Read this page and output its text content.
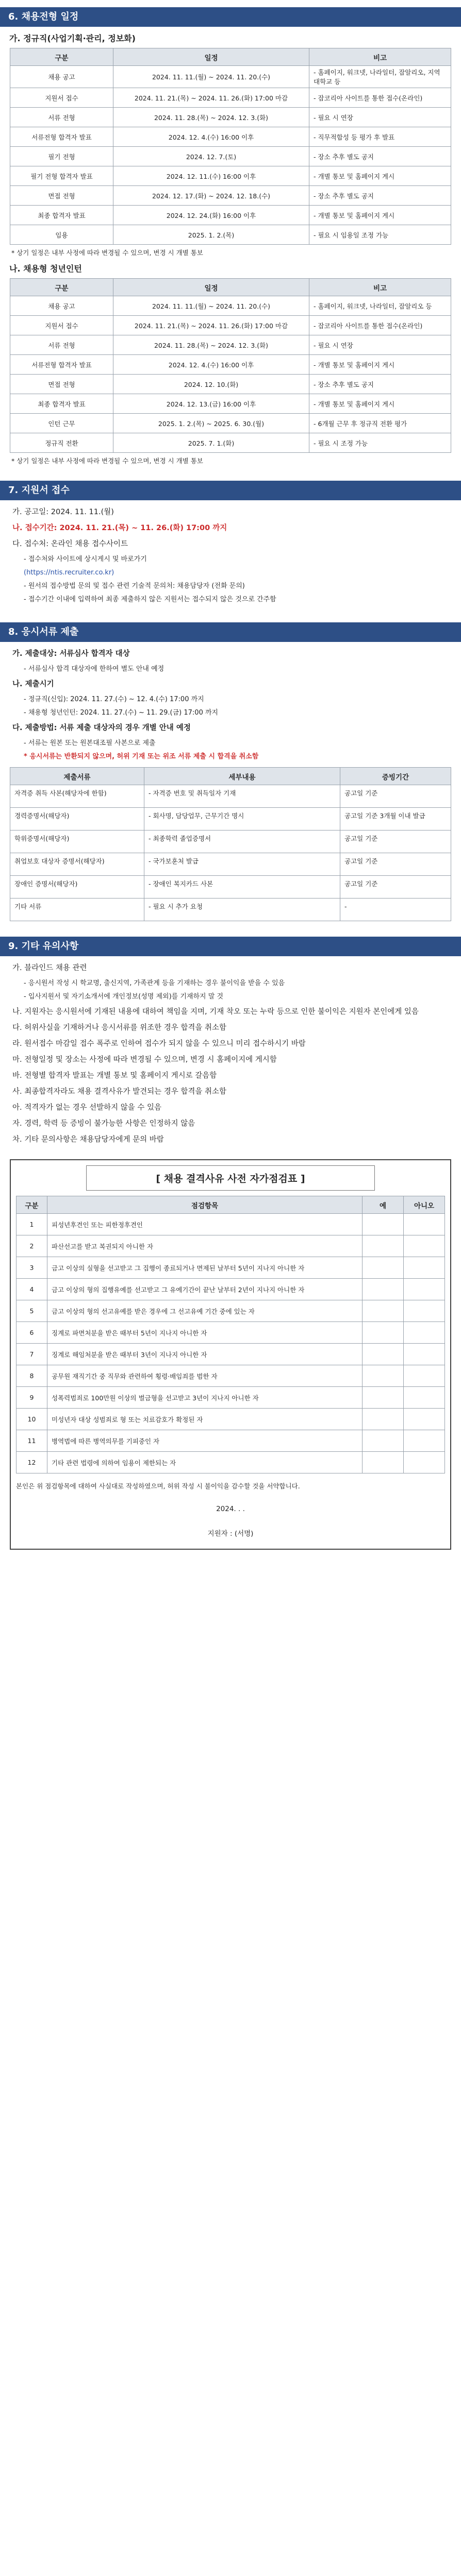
6. 채용전형 일정
가. 정규직(사업기획·관리, 정보화)
구분	일정	비고
채용 공고	2024. 11. 11.(월) ~ 2024. 11. 20.(수)	- 홈페이지, 워크넷, 나라일터, 잡알리오, 지역 대학교 등
지원서 접수	2024. 11. 21.(목) ~ 2024. 11. 26.(화) 17:00 마감	- 잡코리아 사이트를 통한 접수(온라인)
서류 전형	2024. 11. 28.(목) ~ 2024. 12. 3.(화)	- 필요 시 연장
서류전형 합격자 발표	2024. 12. 4.(수) 16:00 이후	- 직무적합성 등 평가 후 발표
필기 전형	2024. 12. 7.(토)	- 장소 추후 별도 공지
필기 전형 합격자 발표	2024. 12. 11.(수) 16:00 이후	- 개별 통보 및 홈페이지 게시
면접 전형	2024. 12. 17.(화) ~ 2024. 12. 18.(수)	- 장소 추후 별도 공지
최종 합격자 발표	2024. 12. 24.(화) 16:00 이후	- 개별 통보 및 홈페이지 게시
임용	2025. 1. 2.(목)	- 필요 시 임용일 조정 가능
* 상기 일정은 내부 사정에 따라 변경될 수 있으며, 변경 시 개별 통보
나. 채용형 청년인턴
구분	일정	비고
채용 공고	2024. 11. 11.(월) ~ 2024. 11. 20.(수)	- 홈페이지, 워크넷, 나라일터, 잡알리오 등
지원서 접수	2024. 11. 21.(목) ~ 2024. 11. 26.(화) 17:00 마감	- 잡코리아 사이트를 통한 접수(온라인)
서류 전형	2024. 11. 28.(목) ~ 2024. 12. 3.(화)	- 필요 시 연장
서류전형 합격자 발표	2024. 12. 4.(수) 16:00 이후	- 개별 통보 및 홈페이지 게시
면접 전형	2024. 12. 10.(화)	- 장소 추후 별도 공지
최종 합격자 발표	2024. 12. 13.(금) 16:00 이후	- 개별 통보 및 홈페이지 게시
인턴 근무	2025. 1. 2.(목) ~ 2025. 6. 30.(월)	- 6개월 근무 후 정규직 전환 평가
정규직 전환	2025. 7. 1.(화)	- 필요 시 조정 가능
* 상기 일정은 내부 사정에 따라 변경될 수 있으며, 변경 시 개별 통보
7. 지원서 접수
가. 공고일: 2024. 11. 11.(월)
나. 접수기간: 2024. 11. 21.(목) ~ 11. 26.(화) 17:00 까지
다. 접수처: 온라인 채용 접수사이트
- 접수처와 사이트에 상시게시 및 바로가기
(https://ntis.recruiter.co.kr)
- 원서의 접수방법 문의 및 접수 관련 기술적 문의처: 채용담당자 (전화 문의)
- 접수기간 이내에 입력하여 최종 제출하지 않은 지원서는 접수되지 않은 것으로 간주함
8. 응시서류 제출
가. 제출대상: 서류심사 합격자 대상
- 서류심사 합격 대상자에 한하여 별도 안내 예정
나. 제출시기
- 정규직(신입): 2024. 11. 27.(수) ~ 12. 4.(수) 17:00 까지
- 채용형 청년인턴: 2024. 11. 27.(수) ~ 11. 29.(금) 17:00 까지
다. 제출방법: 서류 제출 대상자의 경우 개별 안내 예정
- 서류는 원본 또는 원본대조필 사본으로 제출
* 응시서류는 반환되지 않으며, 허위 기재 또는 위조 서류 제출 시 합격을 취소함
제출서류	세부내용	증빙기간
자격증 취득 사본(해당자에 한함)	- 자격증 번호 및 취득일자 기재	공고일 기준
경력증명서(해당자)	- 회사명, 담당업무, 근무기간 명시	공고일 기준 3개월 이내 발급
학위증명서(해당자)	- 최종학력 졸업증명서	공고일 기준
취업보호 대상자 증명서(해당자)	- 국가보훈처 발급	공고일 기준
장애인 증명서(해당자)	- 장애인 복지카드 사본	공고일 기준
기타 서류	- 필요 시 추가 요청	-
9. 기타 유의사항
가. 블라인드 채용 관련
- 응시원서 작성 시 학교명, 출신지역, 가족관계 등을 기재하는 경우 불이익을 받을 수 있음
- 입사지원서 및 자기소개서에 개인정보(성명 제외)를 기재하지 말 것
나. 지원자는 응시원서에 기재된 내용에 대하여 책임을 지며, 기재 착오 또는 누락 등으로 인한 불이익은 지원자 본인에게 있음
다. 허위사실을 기재하거나 응시서류를 위조한 경우 합격을 취소함
라. 원서접수 마감일 접수 폭주로 인하여 접수가 되지 않을 수 있으니 미리 접수하시기 바람
마. 전형일정 및 장소는 사정에 따라 변경될 수 있으며, 변경 시 홈페이지에 게시함
바. 전형별 합격자 발표는 개별 통보 및 홈페이지 게시로 갈음함
사. 최종합격자라도 채용 결격사유가 발견되는 경우 합격을 취소함
아. 적격자가 없는 경우 선발하지 않을 수 있음
자. 경력, 학력 등 증빙이 불가능한 사항은 인정하지 않음
차. 기타 문의사항은 채용담당자에게 문의 바람
[ 채용 결격사유 사전 자가점검표 ]
구분	점검항목	예	아니오
1	피성년후견인 또는 피한정후견인		
2	파산선고를 받고 복권되지 아니한 자		
3	금고 이상의 실형을 선고받고 그 집행이 종료되거나 면제된 날부터 5년이 지나지 아니한 자		
4	금고 이상의 형의 집행유예를 선고받고 그 유예기간이 끝난 날부터 2년이 지나지 아니한 자		
5	금고 이상의 형의 선고유예를 받은 경우에 그 선고유예 기간 중에 있는 자		
6	징계로 파면처분을 받은 때부터 5년이 지나지 아니한 자		
7	징계로 해임처분을 받은 때부터 3년이 지나지 아니한 자		
8	공무원 재직기간 중 직무와 관련하여 횡령·배임죄를 범한 자		
9	성폭력범죄로 100만원 이상의 벌금형을 선고받고 3년이 지나지 아니한 자		
10	미성년자 대상 성범죄로 형 또는 치료감호가 확정된 자		
11	병역법에 따른 병역의무를 기피중인 자		
12	기타 관련 법령에 의하여 임용이 제한되는 자		
본인은 위 점검항목에 대하여 사실대로 작성하였으며, 허위 작성 시 불이익을 감수할 것을 서약합니다.
2024. . .
지원자 : (서명)
